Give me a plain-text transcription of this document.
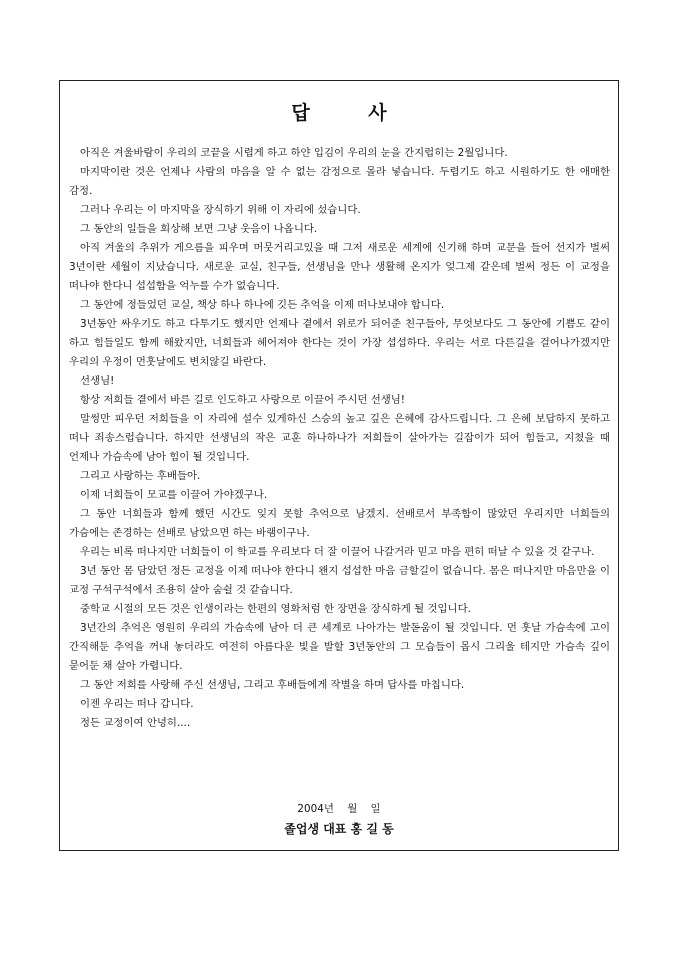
답 사

아직은 겨울바람이 우리의 코끝을 시렵게 하고 하얀 입김이 우리의 눈을 간지럽히는 2월입니다.

마지막이란 것은 언제나 사람의 마음을 알 수 없는 감정으로 몰라 넣습니다. 두렵기도 하고 시원하기도 한 애매한 감정.

그러나 우리는 이 마지막을 장식하기 위해 이 자리에 섰습니다.

그 동안의 일들을 회상해 보면 그냥 웃음이 나옵니다.

아직 겨울의 추위가 게으름을 피우며 머뭇거리고있을 때 그저 새로운 세계에 신기해 하며 교문을 들어 선지가 벌써 3년이란 세월이 지났습니다. 새로운 교실, 친구들, 선생님을 만나 생활해 온지가 엊그제 같은데 벌써 정든 이 교정을 떠나야 한다니 섭섭함을 억누를 수가 없습니다.

그 동안에 정들었던 교실, 책상 하나 하나에 깃든 추억을 이제 떠나보내야 합니다.

3년동안 싸우기도 하고 다투기도 했지만 언제나 곁에서 위로가 되어준 친구들아, 무엇보다도 그 동안에 기쁨도 같이 하고 힘들일도 함께 해왔지만, 너희들과 헤어져야 한다는 것이 가장 섭섭하다. 우리는 서로 다른길을 걸어나가겠지만 우리의 우정이 먼훗날에도 변치않길 바란다.

선생님!

항상 저희들 곁에서 바른 길로 인도하고 사랑으로 이끌어 주시던 선생님!

말썽만 피우던 저희들을 이 자리에 설수 있게하신 스승의 높고 깊은 은혜에 감사드립니다. 그 은혜 보답하지 못하고 떠나 죄송스럽습니다. 하지만 선생님의 작은 교훈 하나하나가 저희들이 살아가는 길잡이가 되어 힘들고, 지쳤을 때 언제나 가슴속에 남아 힘이 될 것입니다.

그리고 사랑하는 후배들아.

이제 너희들이 모교를 이끌어 가야겠구나.

그 동안 너희들과 함께 했던 시간도 잊지 못할 추억으로 남겠지. 선배로서 부족함이 많았던 우리지만 너희들의 가슴에는 존경하는 선배로 남았으면 하는 바램이구나.

우리는 비록 떠나지만 너희들이 이 학교를 우리보다 더 잘 이끌어 나갈거라 믿고 마음 편히 떠날 수 있을 것 같구나.

3년 동안 몸 담았던 정든 교정을 이제 떠나야 한다니 왠지 섭섭한 마음 금할길이 없습니다. 몸은 떠나지만 마음만을 이 교정 구석구석에서 조용히 살아 숨쉴 것 같습니다.

중학교 시절의 모든 것은 인생이라는 한편의 영화처럼 한 장면을 장식하게 될 것입니다.

3년간의 추억은 영원히 우리의 가슴속에 남아 더 큰 세계로 나아가는 발돋움이 될 것입니다. 먼 훗날 가슴속에 고이 간직해둔 추억을 꺼내 놓더라도 여전히 아름다운 빛을 발할 3년동안의 그 모습들이 몹시 그리울 테지만 가슴속 깊이 묻어둔 채 살아 가렵니다.

그 동안 저희를 사랑해 주신 선생님, 그리고 후배들에게 작별을 하며 답사를 마칩니다.

이젠 우리는 떠나 갑니다.

정든 교정이여 안녕히....

2004년 월 일
졸업생 대표 홍 길 동
